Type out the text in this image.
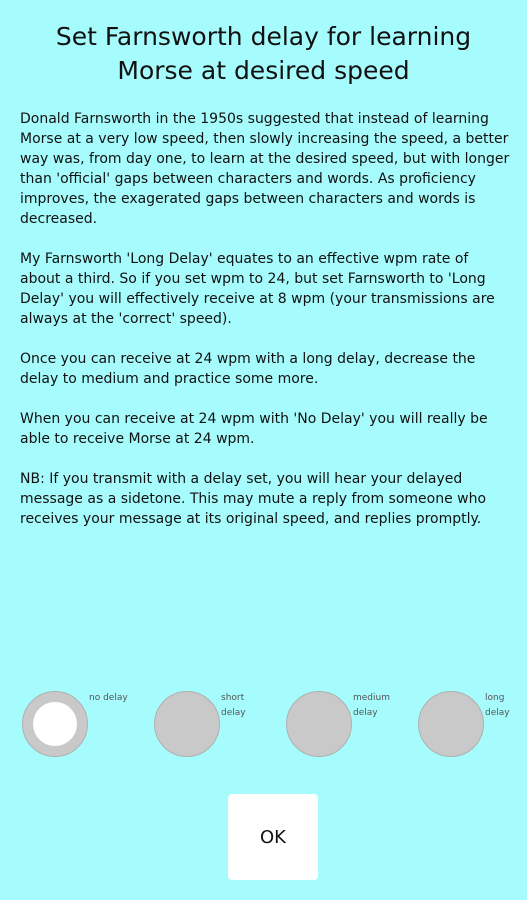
Set Farnsworth delay for learning
Morse at desired speed

Donald Farnsworth in the 1950s suggested that instead of learning Morse at a very low speed, then slowly increasing the speed, a better way was, from day one, to learn at the desired speed, but with longer than 'official' gaps between characters and words. As proficiency improves, the exagerated gaps between characters and words is decreased.

My Farnsworth 'Long Delay' equates to an effective wpm rate of about a third. So if you set wpm to 24, but set Farnsworth to 'Long Delay' you will effectively receive at 8 wpm (your transmissions are always at the 'correct' speed).

Once you can receive at 24 wpm with a long delay, decrease the delay to medium and practice some more.

When you can receive at 24 wpm with 'No Delay' you will really be able to receive Morse at 24 wpm.

NB: If you transmit with a delay set, you will hear your delayed message as a sidetone. This may mute a reply from someone who receives your message at its original speed, and replies promptly.

no delay	short delay
medium delay
long delay
OK
